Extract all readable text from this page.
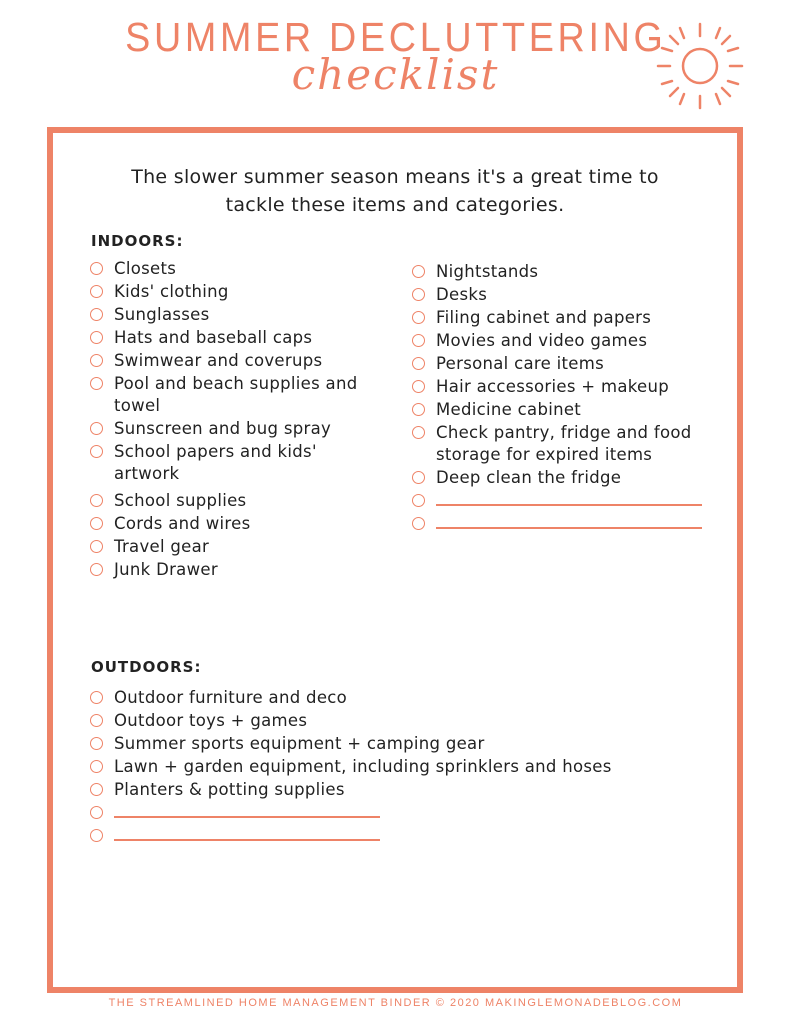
SUMMER DECLUTTERING
checklist
The slower summer season means it's a great time to
tackle these items and categories.
INDOORS:
Closets
Kids' clothing
Sunglasses
Hats and baseball caps
Swimwear and coverups
Pool and beach supplies and towel
Sunscreen and bug spray
School papers and kids' artwork
School supplies
Cords and wires
Travel gear
Junk Drawer
Nightstands
Desks
Filing cabinet and papers
Movies and video games
Personal care items
Hair accessories + makeup
Medicine cabinet
Check pantry, fridge and food storage for expired items
Deep clean the fridge
OUTDOORS:
Outdoor furniture and deco
Outdoor toys + games
Summer sports equipment + camping gear
Lawn + garden equipment, including sprinklers and hoses
Planters & potting supplies
THE STREAMLINED HOME MANAGEMENT BINDER © 2020 MAKINGLEMONADEBLOG.COM
